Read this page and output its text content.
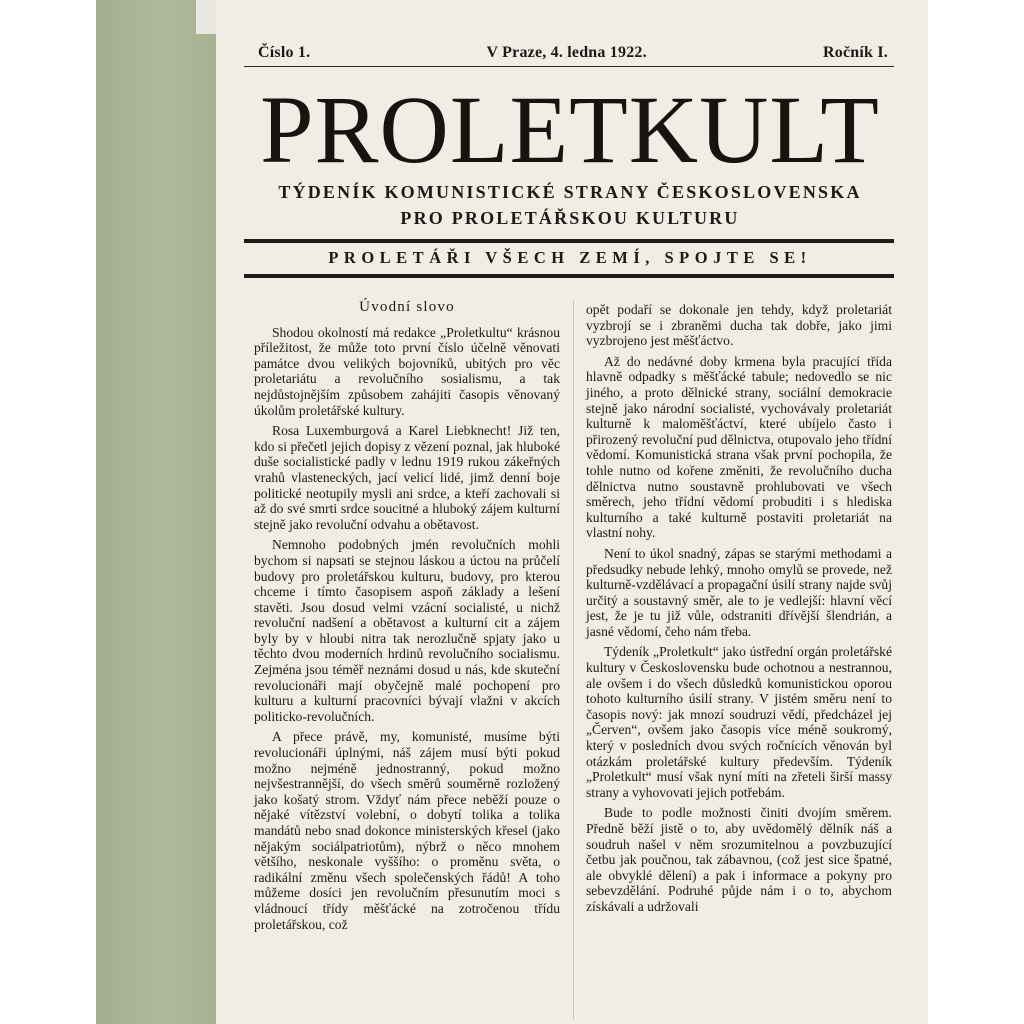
Číslo 1.	V Praze, 4. ledna 1922.	Ročník I.
PROLETKULT
TÝDENÍK KOMUNISTICKÉ STRANY ČESKOSLOVENSKA
PRO PROLETÁŘSKOU KULTURU
PROLETÁŘI VŠECH ZEMÍ, SPOJTE SE!
Úvodní slovo

Shodou okolností má redakce „Proletkultu“ krásnou příležitost, že může toto první číslo účelně věnovati památce dvou velikých bojovníků, ubitých pro věc proletariátu a revolučního sosialismu, a tak nejdůstojnějším způsobem zahájiti časopis věnovaný úkolům proletářské kultury.

Rosa Luxemburgová a Karel Liebknecht! Již ten, kdo si přečetl jejich dopisy z vězení poznal, jak hluboké duše socialistické padly v lednu 1919 rukou zákeřných vrahů vlasteneckých, jací velicí lidé, jimž denní boje politické neotupily mysli ani srdce, a kteří zachovali si až do své smrti srdce soucitné a hluboký zájem kulturní stejně jako revoluční odvahu a obětavost.

Nemnoho podobných jmén revolučních mohli bychom si napsati se stejnou láskou a úctou na průčelí budovy pro proletářskou kulturu, budovy, pro kterou chceme i tímto časopisem aspoň základy a lešení stavěti. Jsou dosud velmi vzácní socialisté, u nichž revoluční nadšení a obětavost a kulturní cit a zájem byly by v hloubi nitra tak nerozlučně spjaty jako u těchto dvou moderních hrdinů revolučního socialismu. Zejména jsou téměř neznámi dosud u nás, kde skuteční revolucionáři mají obyčejně malé pochopení pro kulturu a kulturní pracovníci bývají vlažni v akcích politicko-revolučních.

A přece právě, my, komunisté, musíme býti revolucionáři úplnými, náš zájem musí býti pokud možno nejméně jednostranný, pokud možno nejvšestrannější, do všech směrů souměrně rozložený jako košatý strom. Vždyť nám přece neběží pouze o nějaké vítězství volební, o dobytí tolika a tolika mandátů nebo snad dokonce ministerských křesel (jako nějakým sociálpatriotům), nýbrž o něco mnohem většího, neskonale vyššího: o proměnu světa, o radikální změnu všech společenských řádů! A toho můžeme dosíci jen revolučním přesunutím moci s vládnoucí třídy měšťácké na zotročenou třídu proletářskou, což

opět podaří se dokonale jen tehdy, když proletariát vyzbrojí se i zbraněmi ducha tak dobře, jako jimi vyzbrojeno jest měšťáctvo.

Až do nedávné doby krmena byla pracující třída hlavně odpadky s měšťácké tabule; nedovedlo se nic jiného, a proto dělnické strany, sociální demokracie stejně jako národní socialisté, vychovávaly proletariát kulturně k maloměšťáctví, které ubíjelo často i přirozený revoluční pud dělnictva, otupovalo jeho třídní vědomí. Komunistická strana však první pochopila, že tohle nutno od kořene změniti, že revolučního ducha dělnictva nutno soustavně prohlubovati ve všech směrech, jeho třídní vědomí probuditi i s hlediska kulturního a také kulturně postaviti proletariát na vlastní nohy.

Není to úkol snadný, zápas se starými methodami a předsudky nebude lehký, mnoho omylů se provede, než kulturně-vzdělávací a propagační úsilí strany najde svůj určitý a soustavný směr, ale to je vedlejší: hlavní věcí jest, že je tu již vůle, odstraniti dřívější šlendrián, a jasné vědomí, čeho nám třeba.

Týdeník „Proletkult“ jako ústřední orgán proletářské kultury v Československu bude ochotnou a nestrannou, ale ovšem i do všech důsledků komunistickou oporou tohoto kulturního úsilí strany. V jistém směru není to časopis nový: jak mnozí soudruzi vědí, předcházel jej „Červen“, ovšem jako časopis více méně soukromý, který v posledních dvou svých ročnících věnován byl otázkám proletářské kultury především. Týdeník „Proletkult“ musí však nyní míti na zřeteli širší massy strany a vyhovovati jejich potřebám.

Bude to podle možnosti činiti dvojím směrem. Předně běží jistě o to, aby uvědomělý dělník náš a soudruh našel v něm srozumitelnou a povzbuzující četbu jak poučnou, tak zábavnou, (což jest sice špatné, ale obvyklé dělení) a pak i informace a pokyny pro sebevzdělání. Podruhé půjde nám i o to, abychom získávali a udržovali
